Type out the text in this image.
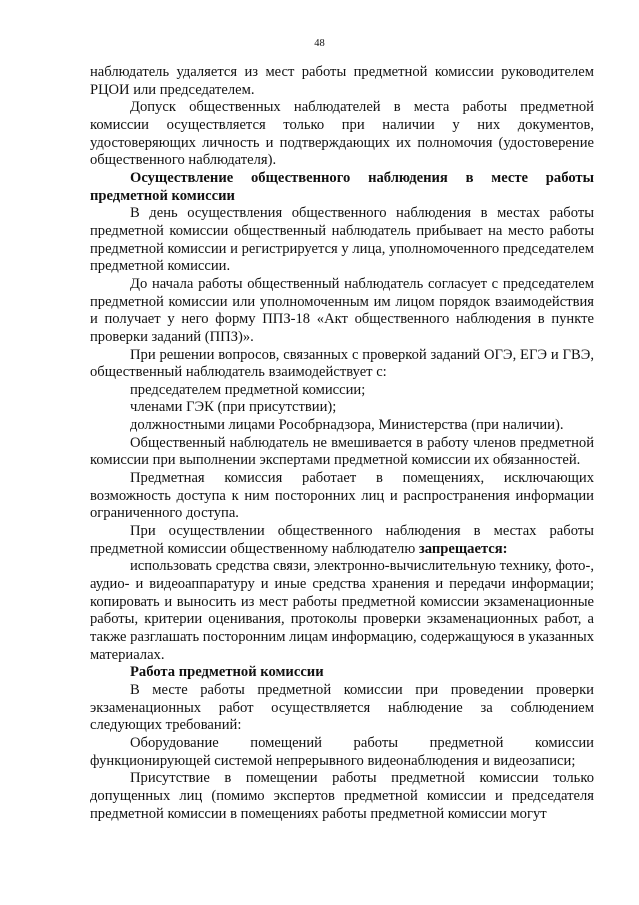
48

наблюдатель удаляется из мест работы предметной комиссии руководителем РЦОИ или председателем.

Допуск общественных наблюдателей в места работы предметной комиссии осуществляется только при наличии у них документов, удостоверяющих личность и подтверждающих их полномочия (удостоверение общественного наблюдателя).

Осуществление общественного наблюдения в месте работы предметной комиссии

В день осуществления общественного наблюдения в местах работы предметной комиссии общественный наблюдатель прибывает на место работы предметной комиссии и регистрируется у лица, уполномоченного председателем предметной комиссии.

До начала работы общественный наблюдатель согласует с председателем предметной комиссии или уполномоченным им лицом порядок взаимодействия и получает у него форму ППЗ-18 «Акт общественного наблюдения в пункте проверки заданий (ППЗ)».

При решении вопросов, связанных с проверкой заданий ОГЭ, ЕГЭ и ГВЭ, общественный наблюдатель взаимодействует с:

председателем предметной комиссии;

членами ГЭК (при присутствии);

должностными лицами Рособрнадзора, Министерства (при наличии).

Общественный наблюдатель не вмешивается в работу членов предметной комиссии при выполнении экспертами предметной комиссии их обязанностей.

Предметная комиссия работает в помещениях, исключающих возможность доступа к ним посторонних лиц и распространения информации ограниченного доступа.

При осуществлении общественного наблюдения в местах работы предметной комиссии общественному наблюдателю запрещается:

использовать средства связи, электронно-вычислительную технику, фото-, аудио- и видеоаппаратуру и иные средства хранения и передачи информации; копировать и выносить из мест работы предметной комиссии экзаменационные работы, критерии оценивания, протоколы проверки экзаменационных работ, а также разглашать посторонним лицам информацию, содержащуюся в указанных материалах.

Работа предметной комиссии

В месте работы предметной комиссии при проведении проверки экзаменационных работ осуществляется наблюдение за соблюдением следующих требований:

Оборудование помещений работы предметной комиссии функционирующей системой непрерывного видеонаблюдения и видеозаписи;

Присутствие в помещении работы предметной комиссии только допущенных лиц (помимо экспертов предметной комиссии и председателя предметной комиссии в помещениях работы предметной комиссии могут
